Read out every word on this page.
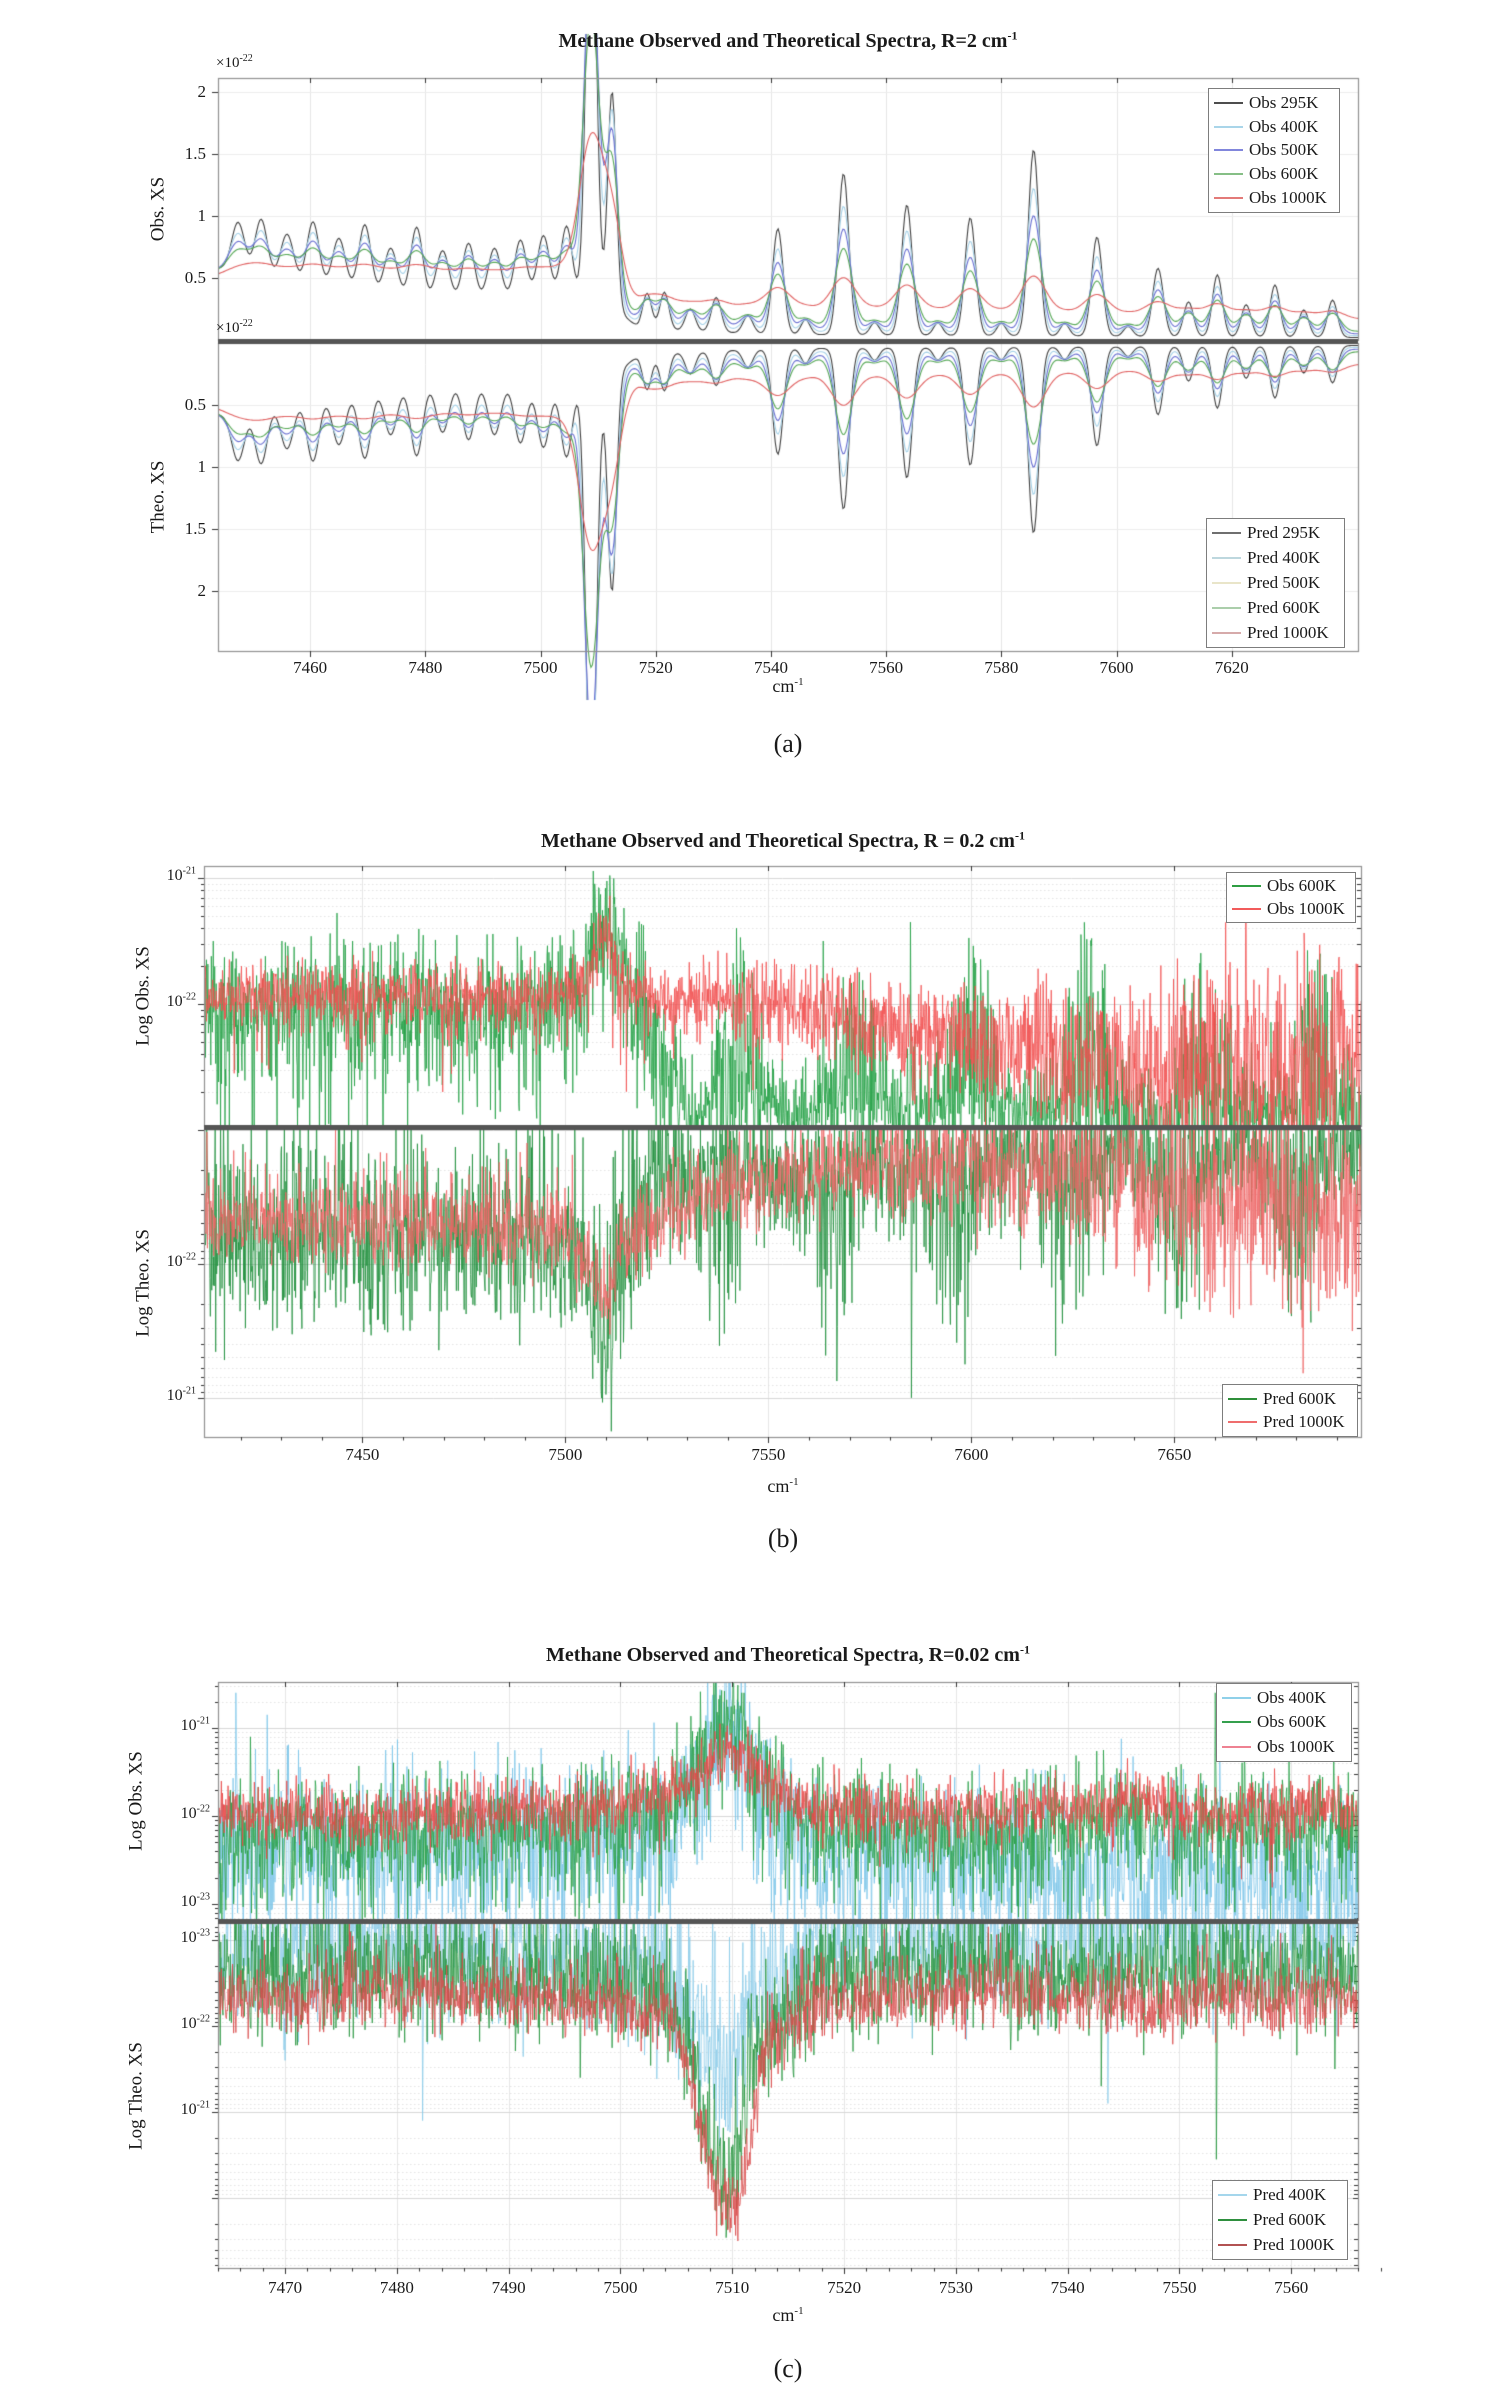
Methane Observed and Theoretical Spectra, R=2 $cm^{-1}$
$\times 10^{-22}$
$\times 10^{-22}$
Obs. XS
Theo. XS
$cm^{-1}$
(a)
Methane Observed and Theoretical Spectra, R = 0.2 $cm^{-1}$
Log Obs. XS
Log Theo. XS
$cm^{-1}$
(b)
Methane Observed and Theoretical Spectra, R=0.02 $cm^{-1}$
Log Obs. XS
Log Theo. XS
$cm^{-1}$
(c)
7460	7480	7500	7520	7540	7560	7580	7600	7620
7450	7500	7550	7600	7650
7470	7480	7490	7500	7510	7520	7530	7540	7550	7560
2
1.5
1
0.5
0.5
1
1.5
2
$10^{-21}$
$10^{-22}$
$10^{-22}$
$10^{-21}$
$10^{-21}$
$10^{-22}$
$10^{-23}$
$10^{-23}$
$10^{-22}$
$10^{-21}$
Obs 295K
Obs 400K
Obs 500K
Obs 600K
Obs 1000K
Pred 295K
Pred 400K
Pred 500K
Pred 600K
Pred 1000K
Obs 600K
Obs 1000K
Pred 600K
Pred 1000K
Obs 400K
Obs 600K
Obs 1000K
Pred 400K
Pred 600K
Pred 1000K
